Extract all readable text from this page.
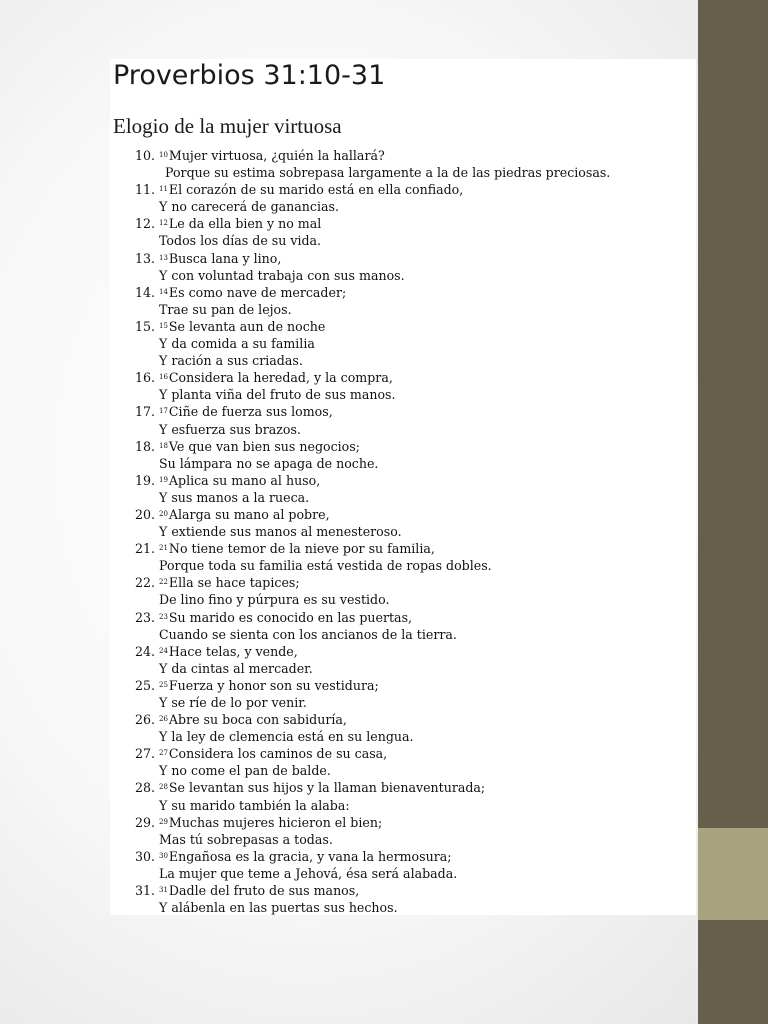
Proverbios 31:10-31
Elogio de la mujer virtuosa
10. $^{10}$Mujer virtuosa, ¿quién la hallará?
Porque su estima sobrepasa largamente a la de las piedras preciosas.
11. $^{11}$El corazón de su marido está en ella confiado,
Y no carecerá de ganancias.
12. $^{12}$Le da ella bien y no mal
Todos los días de su vida.
13. $^{13}$Busca lana y lino,
Y con voluntad trabaja con sus manos.
14. $^{14}$Es como nave de mercader;
Trae su pan de lejos.
15. $^{15}$Se levanta aun de noche
Y da comida a su familia
Y ración a sus criadas.
16. $^{16}$Considera la heredad, y la compra,
Y planta viña del fruto de sus manos.
17. $^{17}$Ciñe de fuerza sus lomos,
Y esfuerza sus brazos.
18. $^{18}$Ve que van bien sus negocios;
Su lámpara no se apaga de noche.
19. $^{19}$Aplica su mano al huso,
Y sus manos a la rueca.
20. $^{20}$Alarga su mano al pobre,
Y extiende sus manos al menesteroso.
21. $^{21}$No tiene temor de la nieve por su familia,
Porque toda su familia está vestida de ropas dobles.
22. $^{22}$Ella se hace tapices;
De lino fino y púrpura es su vestido.
23. $^{23}$Su marido es conocido en las puertas,
Cuando se sienta con los ancianos de la tierra.
24. $^{24}$Hace telas, y vende,
Y da cintas al mercader.
25. $^{25}$Fuerza y honor son su vestidura;
Y se ríe de lo por venir.
26. $^{26}$Abre su boca con sabiduría,
Y la ley de clemencia está en su lengua.
27. $^{27}$Considera los caminos de su casa,
Y no come el pan de balde.
28. $^{28}$Se levantan sus hijos y la llaman bienaventurada;
Y su marido también la alaba:
29. $^{29}$Muchas mujeres hicieron el bien;
Mas tú sobrepasas a todas.
30. $^{30}$Engañosa es la gracia, y vana la hermosura;
La mujer que teme a Jehová, ésa será alabada.
31. $^{31}$Dadle del fruto de sus manos,
Y alábenla en las puertas sus hechos.
